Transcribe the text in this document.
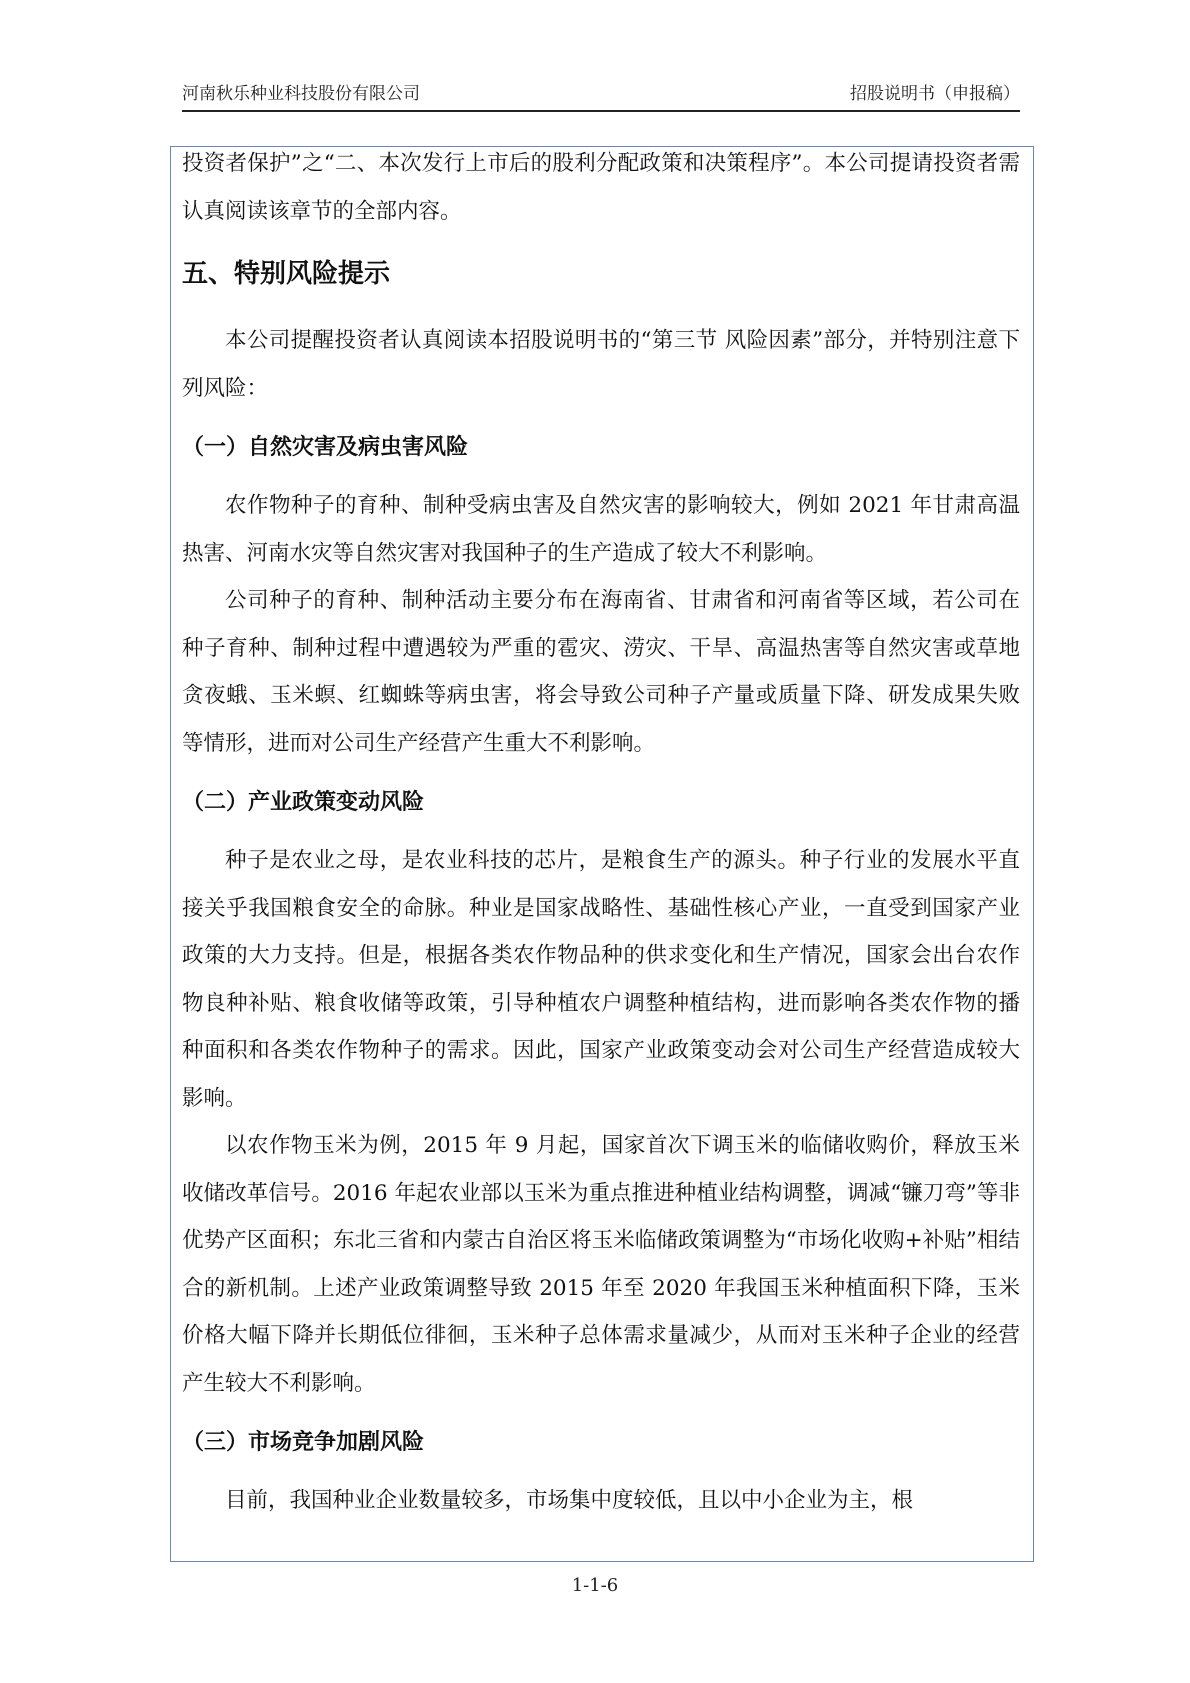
河南秋乐种业科技股份有限公司	招股说明书（申报稿）

投资者保护”之“二、本次发行上市后的股利分配政策和决策程序”。本公司提请投资者需认真阅读该章节的全部内容。

五、特别风险提示

本公司提醒投资者认真阅读本招股说明书的“第三节 风险因素”部分，并特别注意下列风险：

（一）自然灾害及病虫害风险

农作物种子的育种、制种受病虫害及自然灾害的影响较大，例如 2021 年甘肃高温热害、河南水灾等自然灾害对我国种子的生产造成了较大不利影响。

公司种子的育种、制种活动主要分布在海南省、甘肃省和河南省等区域，若公司在种子育种、制种过程中遭遇较为严重的雹灾、涝灾、干旱、高温热害等自然灾害或草地贪夜蛾、玉米螟、红蜘蛛等病虫害，将会导致公司种子产量或质量下降、研发成果失败等情形，进而对公司生产经营产生重大不利影响。

（二）产业政策变动风险

种子是农业之母，是农业科技的芯片，是粮食生产的源头。种子行业的发展水平直接关乎我国粮食安全的命脉。种业是国家战略性、基础性核心产业，一直受到国家产业政策的大力支持。但是，根据各类农作物品种的供求变化和生产情况，国家会出台农作物良种补贴、粮食收储等政策，引导种植农户调整种植结构，进而影响各类农作物的播种面积和各类农作物种子的需求。因此，国家产业政策变动会对公司生产经营造成较大影响。

以农作物玉米为例，2015 年 9 月起，国家首次下调玉米的临储收购价，释放玉米收储改革信号。2016 年起农业部以玉米为重点推进种植业结构调整，调减“镰刀弯”等非优势产区面积；东北三省和内蒙古自治区将玉米临储政策调整为“市场化收购+补贴”相结合的新机制。上述产业政策调整导致 2015 年至 2020 年我国玉米种植面积下降，玉米价格大幅下降并长期低位徘徊，玉米种子总体需求量减少，从而对玉米种子企业的经营产生较大不利影响。

（三）市场竞争加剧风险

目前，我国种业企业数量较多，市场集中度较低，且以中小企业为主，根

1-1-6
